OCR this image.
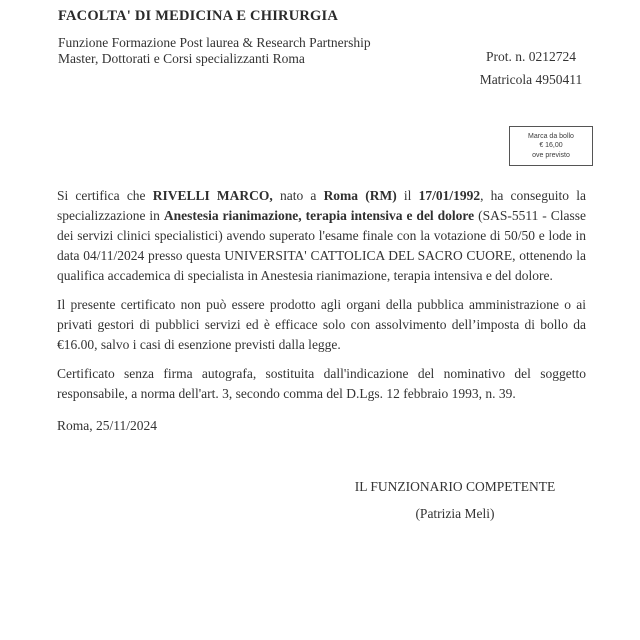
FACOLTA' DI MEDICINA E CHIRURGIA

Funzione Formazione Post laurea & Research Partnership

Master, Dottorati e Corsi specializzanti Roma	Prot. n. 0212724

Matricola 4950411

Marca da bollo
€ 16,00
ove previsto

Si certifica che RIVELLI MARCO, nato a Roma (RM) il 17/01/1992, ha conseguito la specializzazione in Anestesia rianimazione, terapia intensiva e del dolore (SAS-5511 - Classe dei servizi clinici specialistici) avendo superato l'esame finale con la votazione di 50/50 e lode in data 04/11/2024 presso questa UNIVERSITA' CATTOLICA DEL SACRO CUORE, ottenendo la qualifica accademica di specialista in Anestesia rianimazione, terapia intensiva e del dolore.

Il presente certificato non può essere prodotto agli organi della pubblica amministrazione o ai privati gestori di pubblici servizi ed è efficace solo con assolvimento dell’imposta di bollo da €16.00, salvo i casi di esenzione previsti dalla legge.

Certificato senza firma autografa, sostituita dall'indicazione del nominativo del soggetto responsabile, a norma dell'art. 3, secondo comma del D.Lgs. 12 febbraio 1993, n. 39.

Roma, 25/11/2024

IL FUNZIONARIO COMPETENTE

(Patrizia Meli)
